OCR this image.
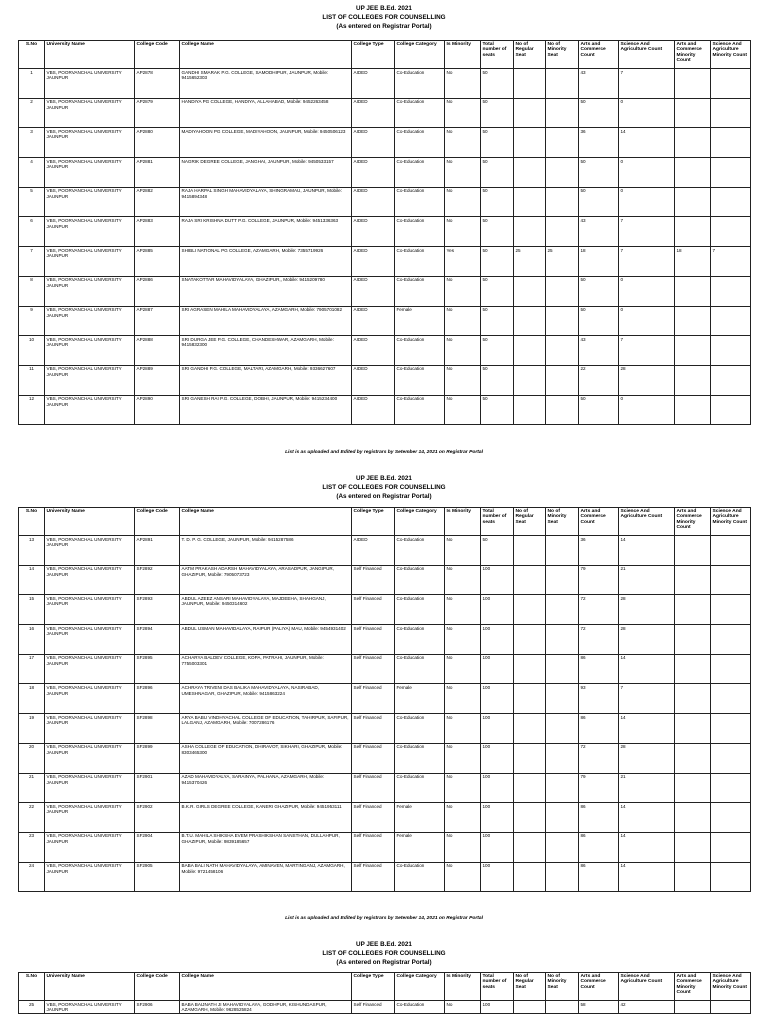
UP JEE B.Ed. 2021
LIST OF COLLEGES FOR COUNSELLING
(As entered on Registrar Portal)
S.No	University Name	College Code	College Name	College Type	College Category	Is Minority	Total number of seats	No of Regular Seat	No of Minority Seat	Arts and Commerce Count	Science And Agriculture Count	Arts and Commerce Minority Count	Science And Agriculture Minority Count
1	VBS, POORVANCHAL UNIVERSITY JAUNPUR	AP2878	GANDHI SMARAK P.G. COLLEGE, SAMODHIPUR, JAUNPUR, Mobile: 9415652303	AIDED	Co-Education	No	50			43	7		
2	VBS, POORVANCHAL UNIVERSITY JAUNPUR	AP2879	HANDIYA PG COLLEGE, HANDIYA, ALLAHABAD, Mobile: 9452263458	AIDED	Co-Education	No	50			50	0		
3	VBS, POORVANCHAL UNIVERSITY JAUNPUR	AP2880	MADIYAHOON PG COLLEGE, MADIYAHOON, JAUNPUR, Mobile: 9450506123	AIDED	Co-Education	No	50			36	14		
4	VBS, POORVANCHAL UNIVERSITY JAUNPUR	AP2881	NAGRIK DEGREE COLLEGE, JANGHAI, JAUNPUR, Mobile: 9450533157	AIDED	Co-Education	No	50			50	0		
5	VBS, POORVANCHAL UNIVERSITY JAUNPUR	AP2882	RAJA HARPAL SINGH MAHAVIDYALAYA, SHINGRAMAU, JAUNPUR, Mobile: 9415894348	AIDED	Co-Education	No	50			50	0		
6	VBS, POORVANCHAL UNIVERSITY JAUNPUR	AP2883	RAJA SRI KRISHNA DUTT P.G. COLLEGE, JAUNPUR, Mobile: 9451336363	AIDED	Co-Education	No	50			43	7		
7	VBS, POORVANCHAL UNIVERSITY JAUNPUR	AP2885	SHIBLI NATIONAL PG COLLEGE, AZAMGARH, Mobile: 7355719926	AIDED	Co-Education	Yes	50	25	25	18	7	18	7
8	VBS, POORVANCHAL UNIVERSITY JAUNPUR	AP2886	SNATAKOTTAR MAHAVIDYALAYA, GHAZIPUR,, Mobile: 9415209780	AIDED	Co-Education	No	50			50	0		
9	VBS, POORVANCHAL UNIVERSITY JAUNPUR	AP2887	SRI AGRASEN MAHILA MAHAVIDYALAYA, AZAMGARH, Mobile: 7905701082	AIDED	Female	No	50			50	0		
10	VBS, POORVANCHAL UNIVERSITY JAUNPUR	AP2888	SRI DURGA JEE P.G. COLLEGE, CHANDESHWAR, AZAMGARH, Mobile: 9415832300	AIDED	Co-Education	No	50			43	7		
11	VBS, POORVANCHAL UNIVERSITY JAUNPUR	AP2889	SRI GANDHI P.G. COLLEGE, MALTARI, AZAMGARH, Mobile: 9336627607	AIDED	Co-Education	No	50			22	28		
12	VBS, POORVANCHAL UNIVERSITY JAUNPUR	AP2890	SRI GANESH RAI P.G. COLLEGE, DOBHI, JAUNPUR, Mobile: 9415234400	AIDED	Co-Education	No	50			50	0		
List is as uploaded and Edited by registrars by Setember 14, 2021 on Registrar Portal
UP JEE B.Ed. 2021
LIST OF COLLEGES FOR COUNSELLING
(As entered on Registrar Portal)
S.No	University Name	College Code	College Name	College Type	College Category	Is Minority	Total number of seats	No of Regular Seat	No of Minority Seat	Arts and Commerce Count	Science And Agriculture Count	Arts and Commerce Minority Count	Science And Agriculture Minority Count
13	VBS, POORVANCHAL UNIVERSITY JAUNPUR	AP2891	T. D. P. G. COLLEGE, JAUNPUR, Mobile: 9415287586	AIDED	Co-Education	No	50			36	14		
14	VBS, POORVANCHAL UNIVERSITY JAUNPUR	SF2892	AATM PRAKASH ADARSH MAHAVIDYALAYA, ARASADPUR, JANGIPUR, GHAZIPUR, Mobile: 7905073723	Self Financed	Co-Education	No	100			79	21		
15	VBS, POORVANCHAL UNIVERSITY JAUNPUR	SF2893	ABDUL AZEEZ ANSARI MAHAVIDYALAYA, MAJDEEHA, SHAHGANJ, JAUNPUR, Mobile: 9450314602	Self Financed	Co-Education	No	100			72	28		
16	VBS, POORVANCHAL UNIVERSITY JAUNPUR	SF2894	ABDUL USMAN MAHAVIDALAYA, RAIPUR (PALIYA) MAU, Mobile: 9454931402	Self Financed	Co-Education	No	100			72	28		
17	VBS, POORVANCHAL UNIVERSITY JAUNPUR	SF2895	ACHARYA BALDEV COLLEGE, KOPA, PATRAHI, JAUNPUR, Mobile: 7755003301	Self Financed	Co-Education	No	100			86	14		
18	VBS, POORVANCHAL UNIVERSITY JAUNPUR	SF2896	ACHRAYA TRIVENI DAS BALIKA MAHAVIDYALAYA, NASIRABAD, UMESHNAGAR, GHAZIPUR, Mobile: 9415863224	Self Financed	Female	No	100			93	7		
19	VBS, POORVANCHAL UNIVERSITY JAUNPUR	SF2898	ARYA BABU VINDHYACHAL COLLEGE OF EDUCATION, TAHIRPUR, SAFIPUR, LALGANJ, AZAMGARH, Mobile: 7007286176	Self Financed	Co-Education	No	100			86	14		
20	VBS, POORVANCHAL UNIVERSITY JAUNPUR	SF2899	ASHA COLLEGE OF EDUCATION, DHIRAVOT, SIKHARI, GHAZIPUR, Mobile: 8303465300	Self Financed	Co-Education	No	100			72	28		
21	VBS, POORVANCHAL UNIVERSITY JAUNPUR	SF2901	AZAD MAHAVIDYALYA, SARAINYA, PALHANA, AZAMGARH, Mobile: 9415370426	Self Financed	Co-Education	No	100			79	21		
22	VBS, POORVANCHAL UNIVERSITY JAUNPUR	SF2902	B.K.R. GIRLS DEGREE COLLEGE, KANERI GHAZIPUR, Mobile: 9451953111	Self Financed	Female	No	100			86	14		
23	VBS, POORVANCHAL UNIVERSITY JAUNPUR	SF2904	B.T.U. MAHILA SHIKSHA EVEM PRASHIKSHAN SANSTHAN, DULLAHPUR, GHAZIPUR, Mobile: 9839185657	Self Financed	Female	No	100			86	14		
24	VBS, POORVANCHAL UNIVERSITY JAUNPUR	SF2905	BABA BALI NATH MAHAVIDYALAYA, AMINAVEN, MARTINGANJ, AZAMGARH, Mobile: 9721458106	Self Financed	Co-Education	No	100			86	14		
List is as uploaded and Edited by registrars by Setember 14, 2021 on Registrar Portal
UP JEE B.Ed. 2021
LIST OF COLLEGES FOR COUNSELLING
(As entered on Registrar Portal)
S.No	University Name	College Code	College Name	College Type	College Category	Is Minority	Total number of seats	No of Regular Seat	No of Minority Seat	Arts and Commerce Count	Science And Agriculture Count	Arts and Commerce Minority Count	Science And Agriculture Minority Count
25	VBS, POORVANCHAL UNIVERSITY JAUNPUR	SF2906	BABA BAIJNATH JI MAHAVIDYALAYA, GODHPUR, KISHUNDASPUR, AZAMGARH, Mobile: 9628525824	Self Financed	Co-Education	No	100			58	42		
